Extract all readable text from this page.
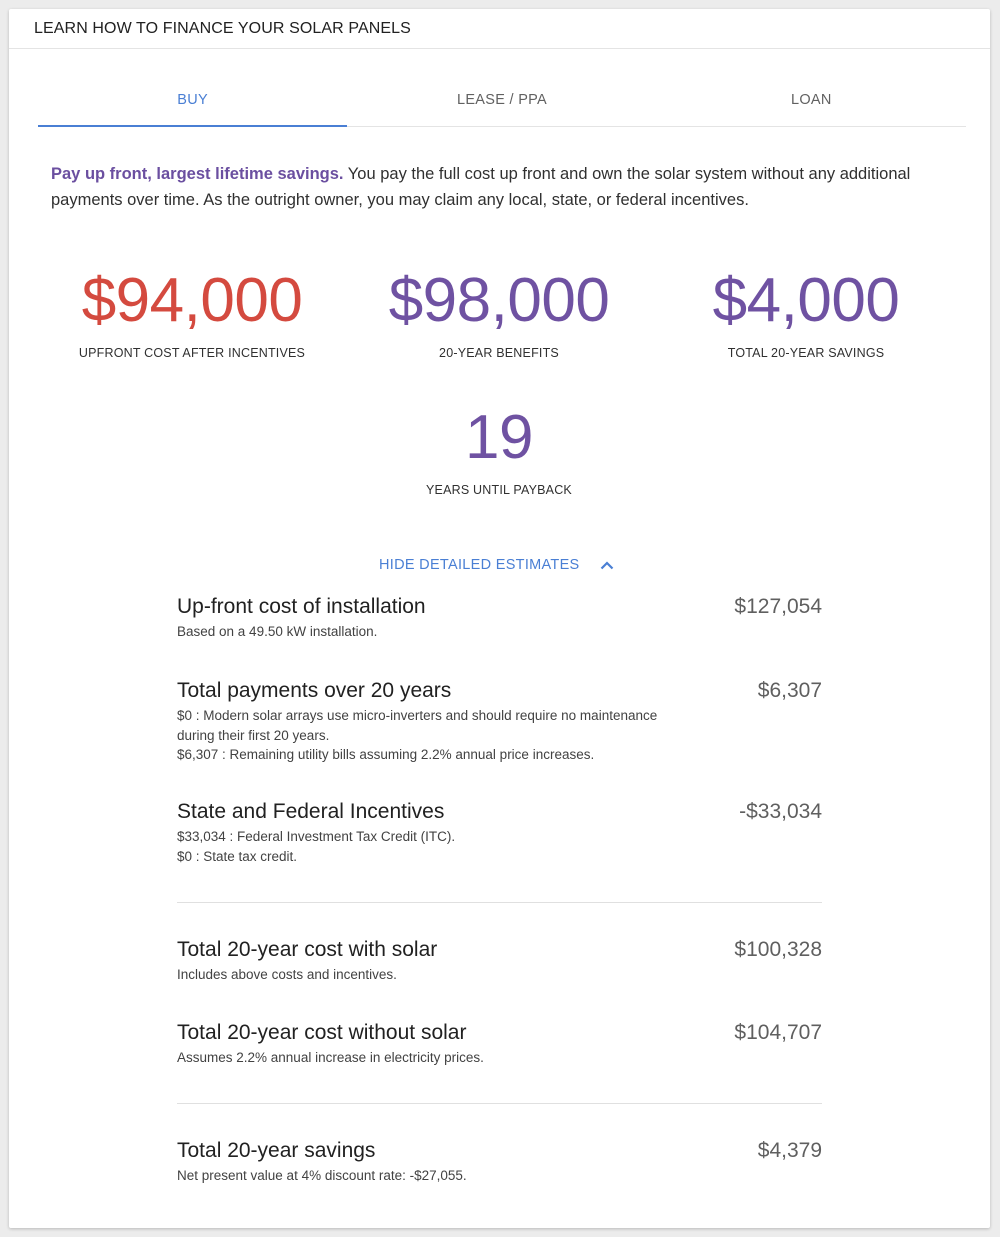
LEARN HOW TO FINANCE YOUR SOLAR PANELS
BUY	LEASE / PPA	LOAN
Pay up front, largest lifetime savings. You pay the full cost up front and own the solar system without any additional payments over time. As the outright owner, you may claim any local, state, or federal incentives.
$94,000
UPFRONT COST AFTER INCENTIVES
$98,000
20-YEAR BENEFITS
$4,000
TOTAL 20-YEAR SAVINGS
19
YEARS UNTIL PAYBACK
HIDE DETAILED ESTIMATES
Up-front cost of installation	$127,054
Based on a 49.50 kW installation.
Total payments over 20 years	$6,307
$0 : Modern solar arrays use micro-inverters and should require no maintenance during their first 20 years.
$6,307 : Remaining utility bills assuming 2.2% annual price increases.
State and Federal Incentives	-$33,034
$33,034 : Federal Investment Tax Credit (ITC).
$0 : State tax credit.
Total 20-year cost with solar	$100,328
Includes above costs and incentives.
Total 20-year cost without solar	$104,707
Assumes 2.2% annual increase in electricity prices.
Total 20-year savings	$4,379
Net present value at 4% discount rate: -$27,055.
